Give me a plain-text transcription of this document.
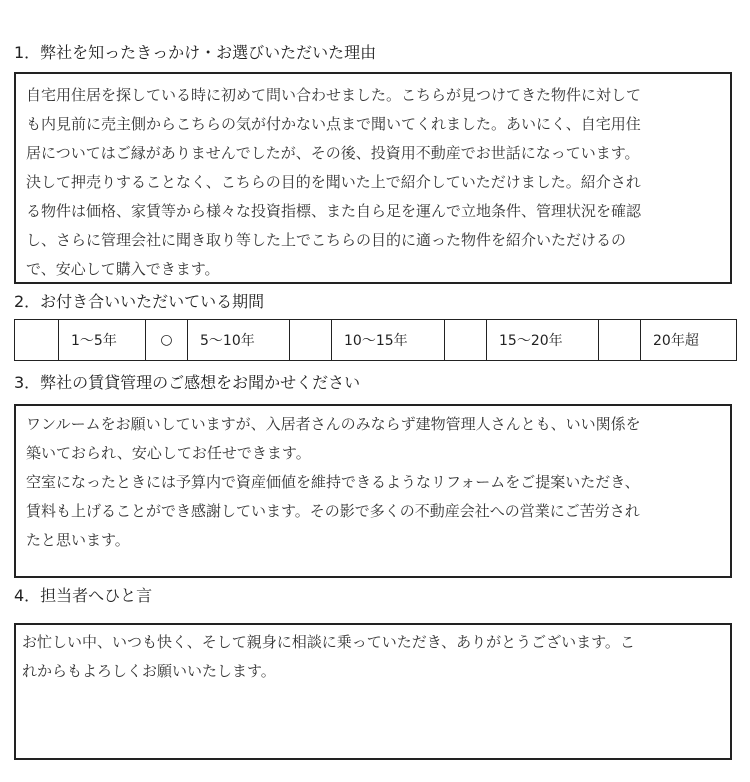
1．弊社を知ったきっかけ・お選びいただいた理由

自宅用住居を探している時に初めて問い合わせました。こちらが見つけてきた物件に対して

も内見前に売主側からこちらの気が付かない点まで聞いてくれました。あいにく、自宅用住

居についてはご縁がありませんでしたが、その後、投資用不動産でお世話になっています。

決して押売りすることなく、こちらの目的を聞いた上で紹介していただけました。紹介され

る物件は価格、家賃等から様々な投資指標、また自ら足を運んで立地条件、管理状況を確認

し、さらに管理会社に聞き取り等した上でこちらの目的に適った物件を紹介いただけるの

で、安心して購入できます。

2．お付き合いいただいている期間
	1～5年	○	5～10年		10～15年		15～20年		20年超
3．弊社の賃貸管理のご感想をお聞かせください

ワンルームをお願いしていますが、入居者さんのみならず建物管理人さんとも、いい関係を

築いておられ、安心してお任せできます。

空室になったときには予算内で資産価値を維持できるようなリフォームをご提案いただき、

賃料も上げることができ感謝しています。その影で多くの不動産会社への営業にご苦労され

たと思います。

4．担当者へひと言

お忙しい中、いつも快く、そして親身に相談に乗っていただき、ありがとうございます。こ

れからもよろしくお願いいたします。
